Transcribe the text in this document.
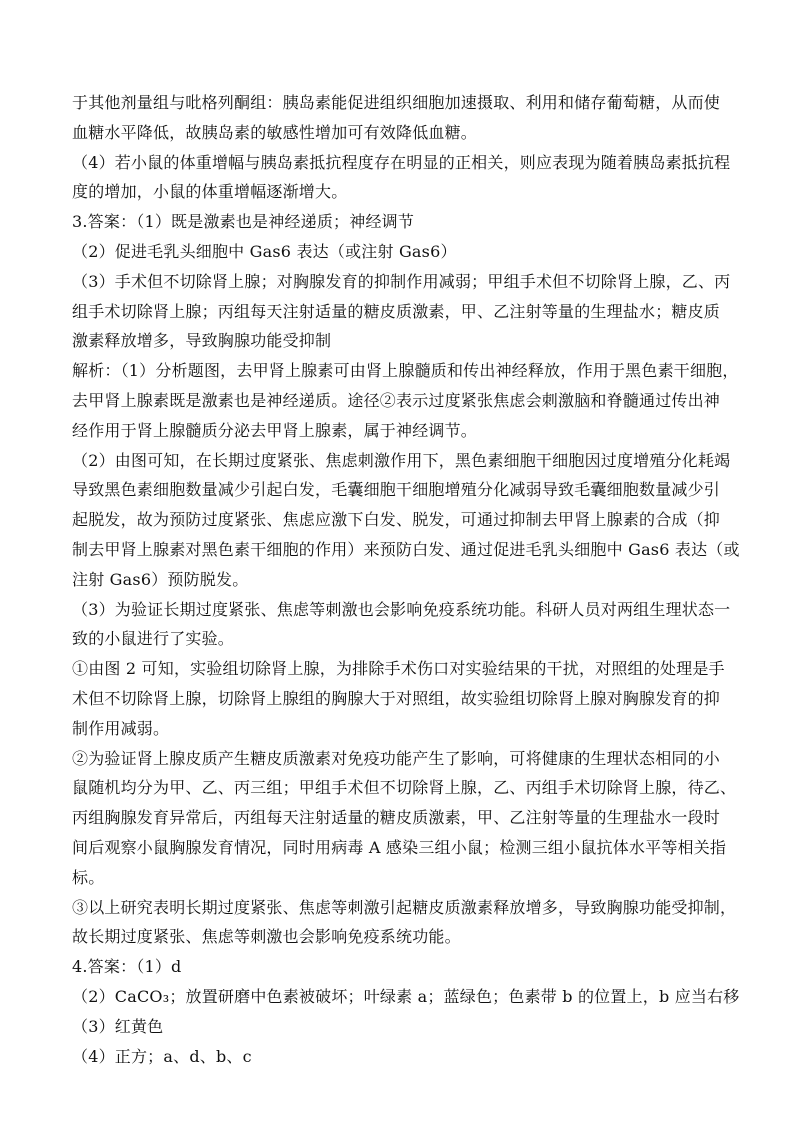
于其他剂量组与吡格列酮组：胰岛素能促进组织细胞加速摄取、利用和储存葡萄糖，从而使
血糖水平降低，故胰岛素的敏感性增加可有效降低血糖。
（4）若小鼠的体重增幅与胰岛素抵抗程度存在明显的正相关，则应表现为随着胰岛素抵抗程
度的增加，小鼠的体重增幅逐渐增大。
3.答案：（1）既是激素也是神经递质；神经调节
（2）促进毛乳头细胞中 Gas6 表达（或注射 Gas6）
（3）手术但不切除肾上腺；对胸腺发育的抑制作用减弱；甲组手术但不切除肾上腺，乙、丙
组手术切除肾上腺；丙组每天注射适量的糖皮质激素，甲、乙注射等量的生理盐水；糖皮质
激素释放增多，导致胸腺功能受抑制
解析：（1）分析题图，去甲肾上腺素可由肾上腺髓质和传出神经释放，作用于黑色素干细胞，
去甲肾上腺素既是激素也是神经递质。途径②表示过度紧张焦虑会刺激脑和脊髓通过传出神
经作用于肾上腺髓质分泌去甲肾上腺素，属于神经调节。
（2）由图可知，在长期过度紧张、焦虑刺激作用下，黑色素细胞干细胞因过度增殖分化耗竭
导致黑色素细胞数量减少引起白发，毛囊细胞干细胞增殖分化减弱导致毛囊细胞数量减少引
起脱发，故为预防过度紧张、焦虑应激下白发、脱发，可通过抑制去甲肾上腺素的合成（抑
制去甲肾上腺素对黑色素干细胞的作用）来预防白发、通过促进毛乳头细胞中 Gas6 表达（或
注射 Gas6）预防脱发。
（3）为验证长期过度紧张、焦虑等刺激也会影响免疫系统功能。科研人员对两组生理状态一
致的小鼠进行了实验。
①由图 2 可知，实验组切除肾上腺，为排除手术伤口对实验结果的干扰，对照组的处理是手
术但不切除肾上腺，切除肾上腺组的胸腺大于对照组，故实验组切除肾上腺对胸腺发育的抑
制作用减弱。
②为验证肾上腺皮质产生糖皮质激素对免疫功能产生了影响，可将健康的生理状态相同的小
鼠随机均分为甲、乙、丙三组；甲组手术但不切除肾上腺，乙、丙组手术切除肾上腺，待乙、
丙组胸腺发育异常后，丙组每天注射适量的糖皮质激素，甲、乙注射等量的生理盐水一段时
间后观察小鼠胸腺发育情况，同时用病毒 A 感染三组小鼠；检测三组小鼠抗体水平等相关指
标。
③以上研究表明长期过度紧张、焦虑等刺激引起糖皮质激素释放增多，导致胸腺功能受抑制，
故长期过度紧张、焦虑等刺激也会影响免疫系统功能。
4.答案：（1）d
（2）CaCO₃；放置研磨中色素被破坏；叶绿素 a；蓝绿色；色素带 b 的位置上，b 应当右移
（3）红黄色
（4）正方；a、d、b、c
